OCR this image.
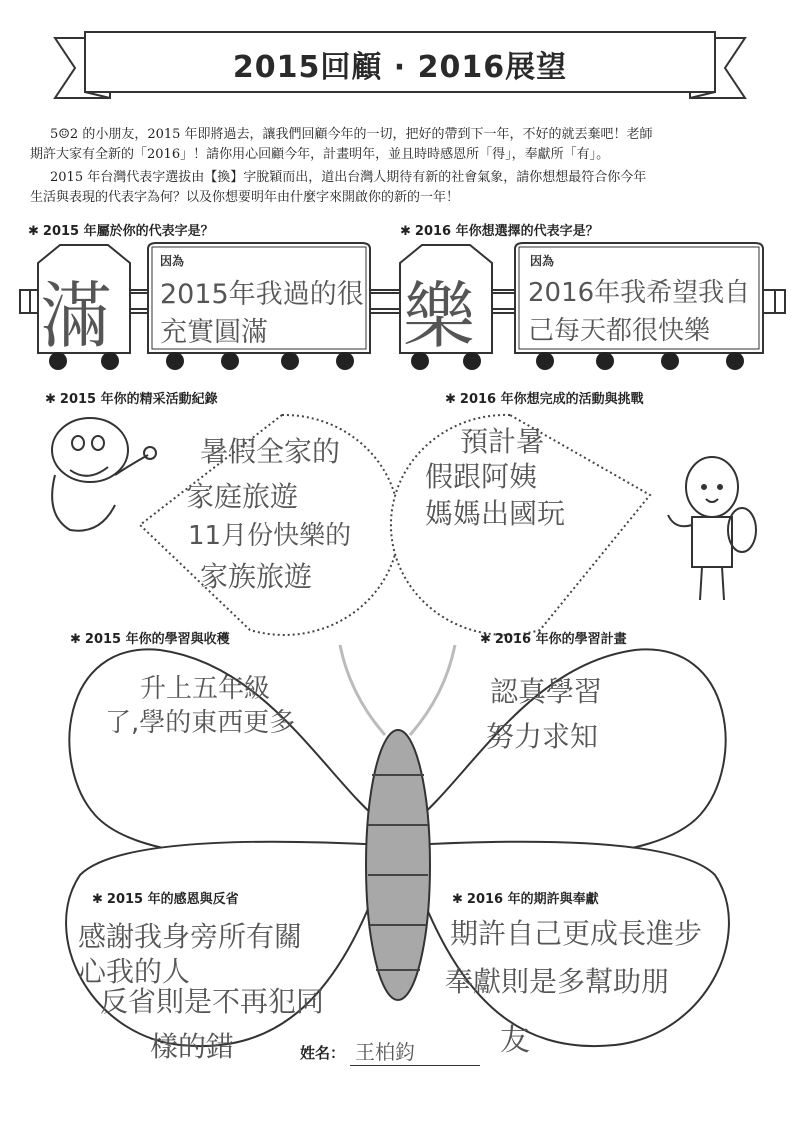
2015回顧 · 2016展望
5☺2 的小朋友，2015 年即將過去，讓我們回顧今年的一切，把好的帶到下一年，不好的就丟棄吧！老師
期許大家有全新的「2016」！請你用心回顧今年，計畫明年，並且時時感恩所「得」，奉獻所「有」。
2015 年台灣代表字選拔由【換】字脫穎而出，道出台灣人期待有新的社會氣象，請你想想最符合你今年
生活與表現的代表字為何？以及你想要明年由什麼字來開啟你的新的一年！
✱ 2015 年屬於你的代表字是？	✱ 2016 年你想選擇的代表字是？
因為	因為
滿 2015年我過的很
充實圓滿 樂 2016年我希望我自
己每天都很快樂
✱ 2015 年你的精采活動紀錄	✱ 2016 年你想完成的活動與挑戰
暑假全家的
家庭旅遊
11月份快樂的
家族旅遊
預計暑
假跟阿姨
媽媽出國玩
✱ 2015 年你的學習與收穫	✱ 2016 年你的學習計畫
升上五年級
了,學的東西更多
認真學習
努力求知
✱ 2015 年的感恩與反省	✱ 2016 年的期許與奉獻
感謝我身旁所有關
心我的人
反省則是不再犯同
樣的錯
期許自己更成長進步
奉獻則是多幫助朋
友
姓名： 王柏鈞
